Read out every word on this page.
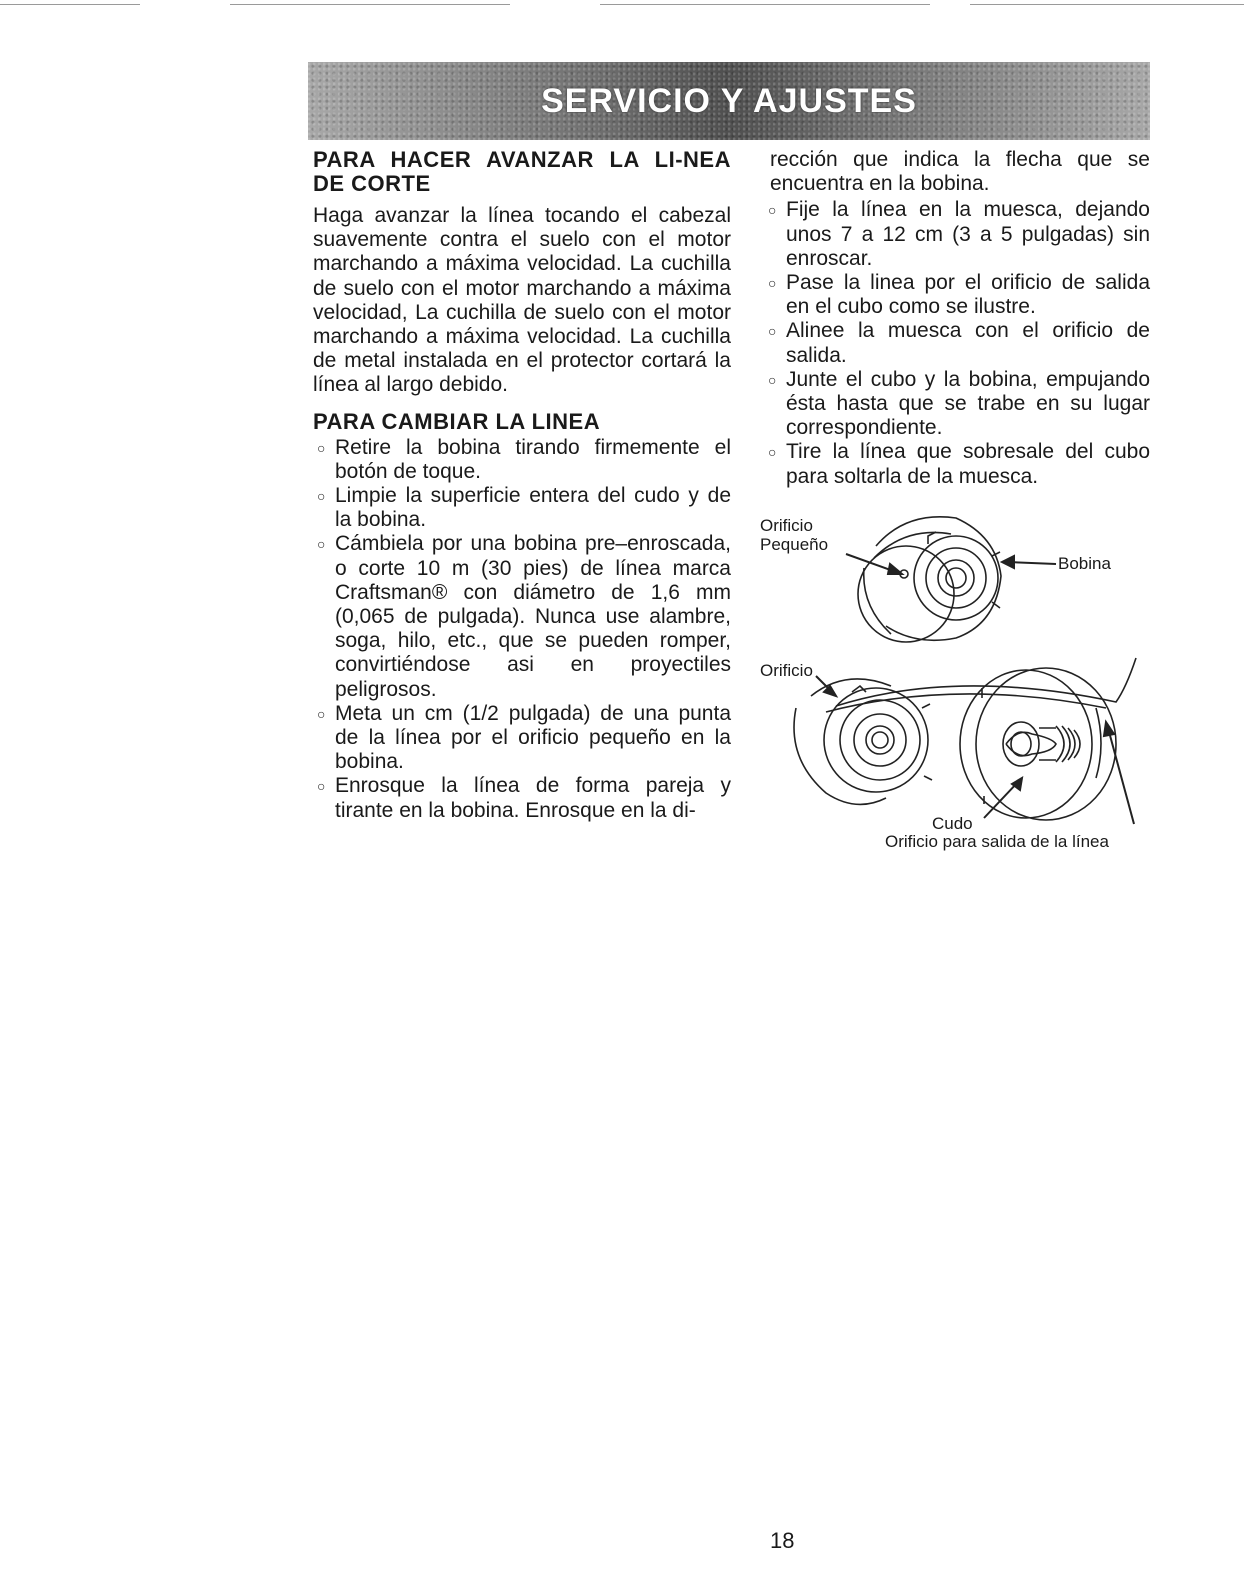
SERVICIO Y AJUSTES

PARA HACER AVANZAR LA LI-NEA DE CORTE

Haga avanzar la línea tocando el cabezal suavemente contra el suelo con el motor marchando a máxima velocidad. La cuchilla de suelo con el motor marchando a máxima velocidad, La cuchilla de suelo con el motor marchando a máxima velocidad. La cuchilla de metal instalada en el protector cortará la línea al largo debido.

PARA CAMBIAR LA LINEA

○ Retire la bobina tirando firmemente el botón de toque.
○ Limpie la superficie entera del cudo y de la bobina.
○ Cámbiela por una bobina pre–enroscada, o corte 10 m (30 pies) de línea marca Craftsman® con diámetro de 1,6 mm (0,065 de pulgada). Nunca use alambre, soga, hilo, etc., que se pueden romper, convirtiéndose asi en proyectiles peligrosos.
○ Meta un cm (1/2 pulgada) de una punta de la línea por el orificio pequeño en la bobina.
○ Enrosque la línea de forma pareja y tirante en la bobina. Enrosque en la di-

rección que indica la flecha que se encuentra en la bobina.

○ Fije la línea en la muesca, dejando unos 7 a 12 cm (3 a 5 pulgadas) sin enroscar.
○ Pase la linea por el orificio de salida en el cubo como se ilustre.
○ Alinee la muesca con el orificio de salida.
○ Junte el cubo y la bobina, empujando ésta hasta que se trabe en su lugar correspondiente.
○ Tire la línea que sobresale del cubo para soltarla de la muesca.
Orificio
Pequeño
Bobina
Orificio
Cudo
Orificio para salida de la línea
18
